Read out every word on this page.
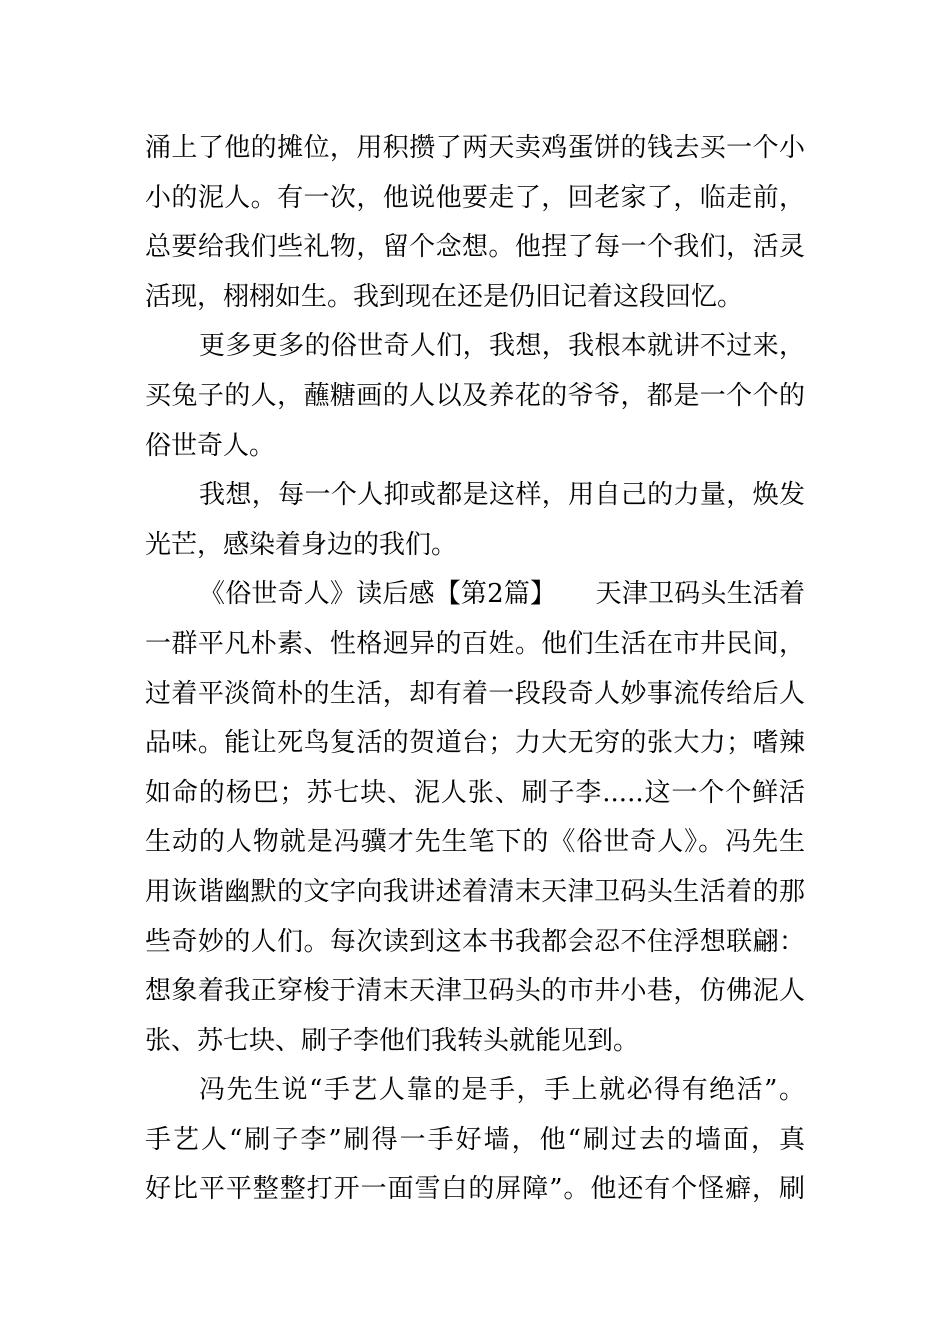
涌上了他的摊位，用积攒了两天卖鸡蛋饼的钱去买一个小
小的泥人。有一次，他说他要走了，回老家了，临走前，
总要给我们些礼物，留个念想。他捏了每一个我们，活灵
活现，栩栩如生。我到现在还是仍旧记着这段回忆。
更多更多的俗世奇人们，我想，我根本就讲不过来，
买兔子的人，蘸糖画的人以及养花的爷爷，都是一个个的
俗世奇人。
我想，每一个人抑或都是这样，用自己的力量，焕发
光芒，感染着身边的我们。
《俗世奇人》读后感【第2篇】　　天津卫码头生活着
一群平凡朴素、性格迥异的百姓。他们生活在市井民间，
过着平淡简朴的生活，却有着一段段奇人妙事流传给后人
品味。能让死鸟复活的贺道台；力大无穷的张大力；嗜辣
如命的杨巴；苏七块、泥人张、刷子李.....这一个个鲜活
生动的人物就是冯骥才先生笔下的《俗世奇人》。冯先生
用诙谐幽默的文字向我讲述着清末天津卫码头生活着的那
些奇妙的人们。每次读到这本书我都会忍不住浮想联翩：
想象着我正穿梭于清末天津卫码头的市井小巷，仿佛泥人
张、苏七块、刷子李他们我转头就能见到。
冯先生说“手艺人靠的是手，手上就必得有绝活”。
手艺人“刷子李”刷得一手好墙，他“刷过去的墙面，真
好比平平整整打开一面雪白的屏障”。他还有个怪癖，刷
